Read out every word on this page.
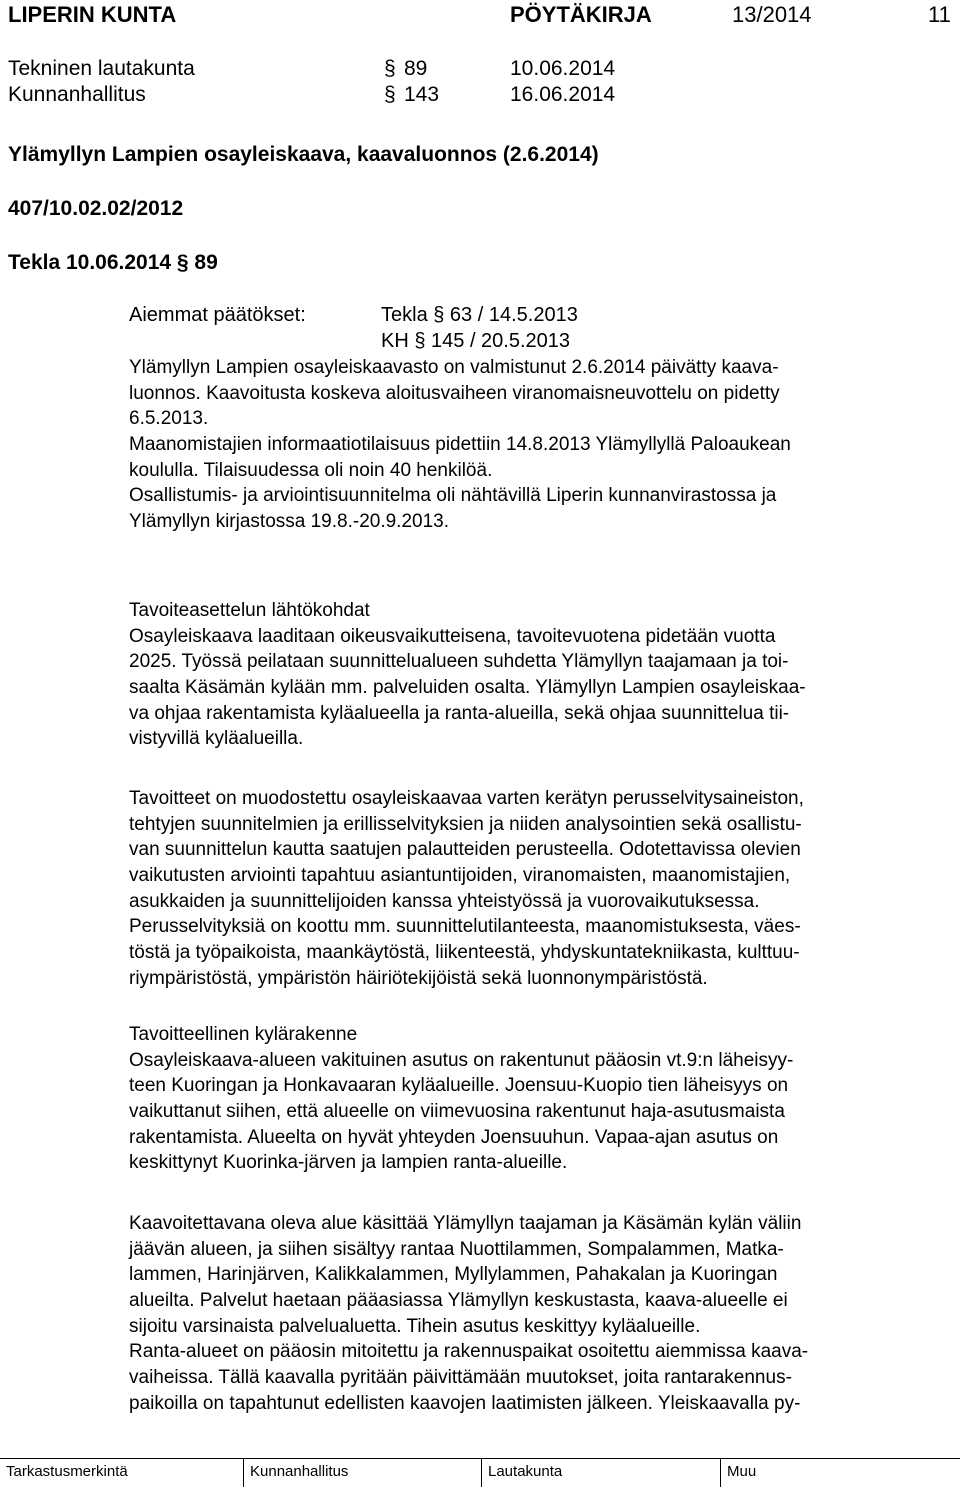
LIPERIN KUNTA	PÖYTÄKIRJA	13/2014	11
Tekninen lautakunta	§ 89	10.06.2014
Kunnanhallitus	§ 143	16.06.2014
Ylämyllyn Lampien osayleiskaava, kaavaluonnos (2.6.2014)
407/10.02.02/2012
Tekla 10.06.2014 § 89
Aiemmat päätökset:	Tekla § 63 / 14.5.2013
KH § 145 / 20.5.2013
Ylämyllyn Lampien osayleiskaavasto on valmistunut 2.6.2014 päivätty kaava-
luonnos. Kaavoitusta koskeva aloitusvaiheen viranomaisneuvottelu on pidetty
6.5.2013.
Maanomistajien informaatiotilaisuus pidettiin 14.8.2013 Ylämyllyllä Paloaukean
koululla. Tilaisuudessa oli noin 40 henkilöä.
Osallistumis- ja arviointisuunnitelma oli nähtävillä Liperin kunnanvirastossa ja
Ylämyllyn kirjastossa 19.8.-20.9.2013.
Tavoiteasettelun lähtökohdat
Osayleiskaava laaditaan oikeusvaikutteisena, tavoitevuotena pidetään vuotta
2025. Työssä peilataan suunnittelualueen suhdetta Ylämyllyn taajamaan ja toi-
saalta Käsämän kylään mm. palveluiden osalta. Ylämyllyn Lampien osayleiskaa-
va ohjaa rakentamista kyläalueella ja ranta-alueilla, sekä ohjaa suunnittelua tii-
vistyvillä kyläalueilla.
Tavoitteet on muodostettu osayleiskaavaa varten kerätyn perusselvitysaineiston,
tehtyjen suunnitelmien ja erillisselvityksien ja niiden analysointien sekä osallistu-
van suunnittelun kautta saatujen palautteiden perusteella. Odotettavissa olevien
vaikutusten arviointi tapahtuu asiantuntijoiden, viranomaisten, maanomistajien,
asukkaiden ja suunnittelijoiden kanssa yhteistyössä ja vuorovaikutuksessa.
Perusselvityksiä on koottu mm. suunnittelutilanteesta, maanomistuksesta, väes-
töstä ja työpaikoista, maankäytöstä, liikenteestä, yhdyskuntatekniikasta, kulttuu-
riympäristöstä, ympäristön häiriötekijöistä sekä luonnonympäristöstä.
Tavoitteellinen kylärakenne
Osayleiskaava-alueen vakituinen asutus on rakentunut pääosin vt.9:n läheisyy-
teen Kuoringan ja Honkavaaran kyläalueille. Joensuu-Kuopio tien läheisyys on
vaikuttanut siihen, että alueelle on viimevuosina rakentunut haja-asutusmaista
rakentamista. Alueelta on hyvät yhteyden Joensuuhun. Vapaa-ajan asutus on
keskittynyt Kuorinka-järven ja lampien ranta-alueille.
Kaavoitettavana oleva alue käsittää Ylämyllyn taajaman ja Käsämän kylän väliin
jäävän alueen, ja siihen sisältyy rantaa Nuottilammen, Sompalammen, Matka-
lammen, Harinjärven, Kalikkalammen, Myllylammen, Pahakalan ja Kuoringan
alueilta. Palvelut haetaan pääasiassa Ylämyllyn keskustasta, kaava-alueelle ei
sijoitu varsinaista palvelualuetta. Tihein asutus keskittyy kyläalueille.
Ranta-alueet on pääosin mitoitettu ja rakennuspaikat osoitettu aiemmissa kaava-
vaiheissa. Tällä kaavalla pyritään päivittämään muutokset, joita rantarakennus-
paikoilla on tapahtunut edellisten kaavojen laatimisten jälkeen. Yleiskaavalla py-
Tarkastusmerkintä	Kunnanhallitus	Lautakunta	Muu
